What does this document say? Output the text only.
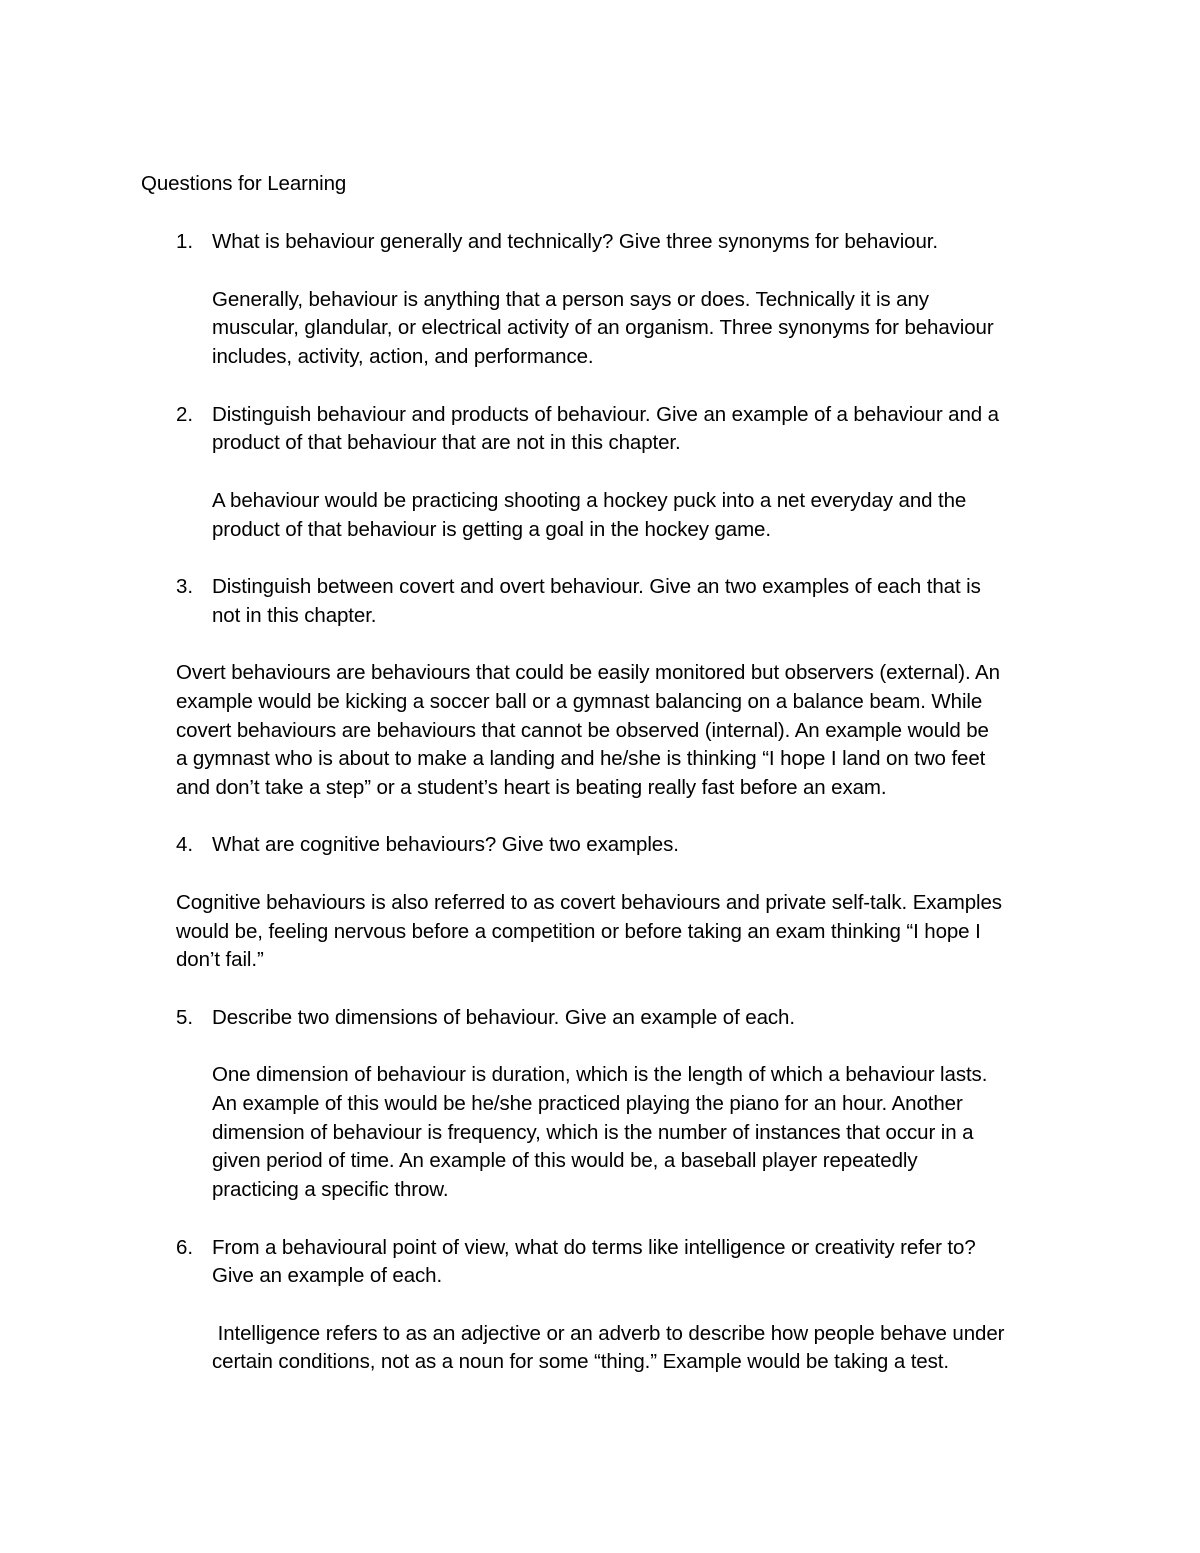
Questions for Learning
1. What is behaviour generally and technically? Give three synonyms for behaviour.
Generally, behaviour is anything that a person says or does. Technically it is any
muscular, glandular, or electrical activity of an organism. Three synonyms for behaviour
includes, activity, action, and performance.
2. Distinguish behaviour and products of behaviour. Give an example of a behaviour and a
product of that behaviour that are not in this chapter.
A behaviour would be practicing shooting a hockey puck into a net everyday and the
product of that behaviour is getting a goal in the hockey game.
3. Distinguish between covert and overt behaviour. Give an two examples of each that is
not in this chapter.
Overt behaviours are behaviours that could be easily monitored but observers (external). An
example would be kicking a soccer ball or a gymnast balancing on a balance beam. While
covert behaviours are behaviours that cannot be observed (internal). An example would be
a gymnast who is about to make a landing and he/she is thinking “I hope I land on two feet
and don’t take a step” or a student’s heart is beating really fast before an exam.
4. What are cognitive behaviours? Give two examples.
Cognitive behaviours is also referred to as covert behaviours and private self-talk. Examples
would be, feeling nervous before a competition or before taking an exam thinking “I hope I
don’t fail.”
5. Describe two dimensions of behaviour. Give an example of each.
One dimension of behaviour is duration, which is the length of which a behaviour lasts.
An example of this would be he/she practiced playing the piano for an hour. Another
dimension of behaviour is frequency, which is the number of instances that occur in a
given period of time. An example of this would be, a baseball player repeatedly
practicing a specific throw.
6. From a behavioural point of view, what do terms like intelligence or creativity refer to?
Give an example of each.
Intelligence refers to as an adjective or an adverb to describe how people behave under
certain conditions, not as a noun for some “thing.” Example would be taking a test.
